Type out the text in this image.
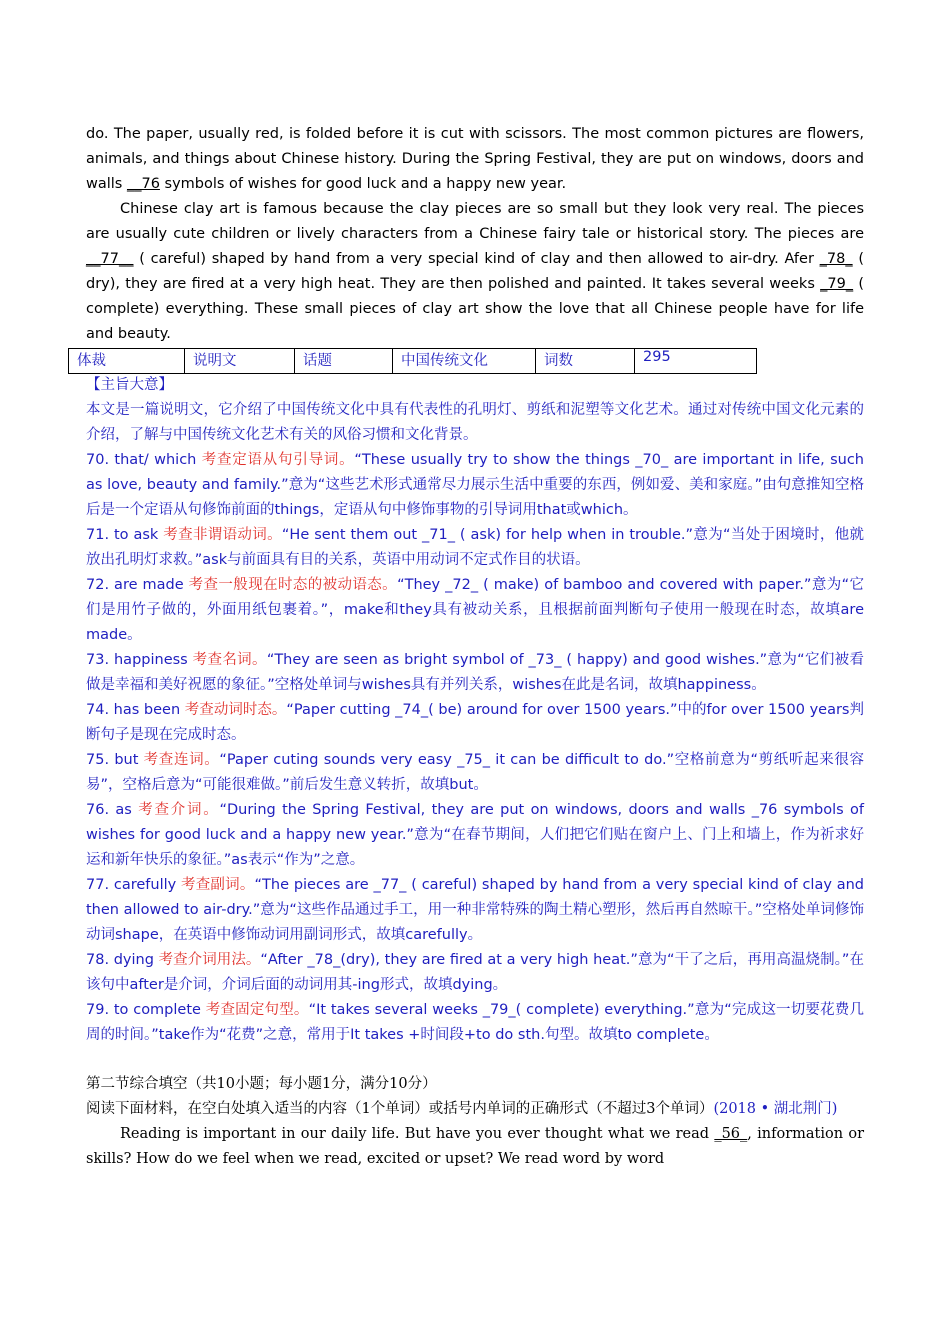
do. The paper, usually red, is folded before it is cut with scissors. The most common pictures are flowers, animals, and things about Chinese history. During the Spring Festival, they are put on windows, doors and walls __76 symbols of wishes for good luck and a happy new year.

Chinese clay art is famous because the clay pieces are so small but they look very real. The pieces are usually cute children or lively characters from a Chinese fairy tale or historical story. The pieces are __77__ ( careful) shaped by hand from a very special kind of clay and then allowed to air-dry. Afer _78_ ( dry), they are fired at a very high heat. They are then polished and painted. It takes several weeks _79_ ( complete) everything. These small pieces of clay art show the love that all Chinese people have for life and beauty.

体裁	说明文	话题	中国传统文化	词数	295

【主旨大意】

本文是一篇说明文，它介绍了中国传统文化中具有代表性的孔明灯、剪纸和泥塑等文化艺术。通过对传统中国文化元素的介绍，了解与中国传统文化艺术有关的风俗习惯和文化背景。

70. that/ which 考查定语从句引导词。“These usually try to show the things _70_ are important in life, such as love, beauty and family.”意为“这些艺术形式通常尽力展示生活中重要的东西，例如爱、美和家庭。”由句意推知空格后是一个定语从句修饰前面的things，定语从句中修饰事物的引导词用that或which。

71. to ask 考查非谓语动词。“He sent them out _71_ ( ask) for help when in trouble.”意为“当处于困境时，他就放出孔明灯求救。”ask与前面具有目的关系，英语中用动词不定式作目的状语。

72. are made 考查一般现在时态的被动语态。“They _72_ ( make) of bamboo and covered with paper.”意为“它们是用竹子做的，外面用纸包裹着。”，make和they具有被动关系，且根据前面判断句子使用一般现在时态，故填are made。

73. happiness 考查名词。“They are seen as bright symbol of _73_ ( happy) and good wishes.”意为“它们被看做是幸福和美好祝愿的象征。”空格处单词与wishes具有并列关系，wishes在此是名词，故填happiness。

74. has been 考查动词时态。“Paper cutting _74_( be) around for over 1500 years.”中的for over 1500 years判断句子是现在完成时态。

75. but 考查连词。“Paper cuting sounds very easy _75_ it can be difficult to do.”空格前意为“剪纸听起来很容易”，空格后意为“可能很难做。”前后发生意义转折，故填but。

76. as 考查介词。“During the Spring Festival, they are put on windows, doors and walls _76 symbols of wishes for good luck and a happy new year.”意为“在春节期间，人们把它们贴在窗户上、门上和墙上，作为祈求好运和新年快乐的象征。”as表示“作为”之意。

77. carefully 考查副词。“The pieces are _77_ ( careful) shaped by hand from a very special kind of clay and then allowed to air-dry.”意为“这些作品通过手工，用一种非常特殊的陶土精心塑形，然后再自然晾干。”空格处单词修饰动词shape，在英语中修饰动词用副词形式，故填carefully。

78. dying 考查介词用法。“After _78_(dry), they are fired at a very high heat.”意为“干了之后，再用高温烧制。”在该句中after是介词，介词后面的动词用其-ing形式，故填dying。

79. to complete 考查固定句型。“It takes several weeks _79_( complete) everything.”意为“完成这一切要花费几周的时间。”take作为“花费”之意，常用于It takes +时间段+to do sth.句型。故填to complete。

第二节综合填空（共10小题；每小题1分，满分10分）

阅读下面材料，在空白处填入适当的内容（1个单词）或括号内单词的正确形式（不超过3个单词）(2018 • 湖北荆门)

Reading is important in our daily life. But have you ever thought what we read _56_, information or skills? How do we feel when we read, excited or upset? We read word by word
